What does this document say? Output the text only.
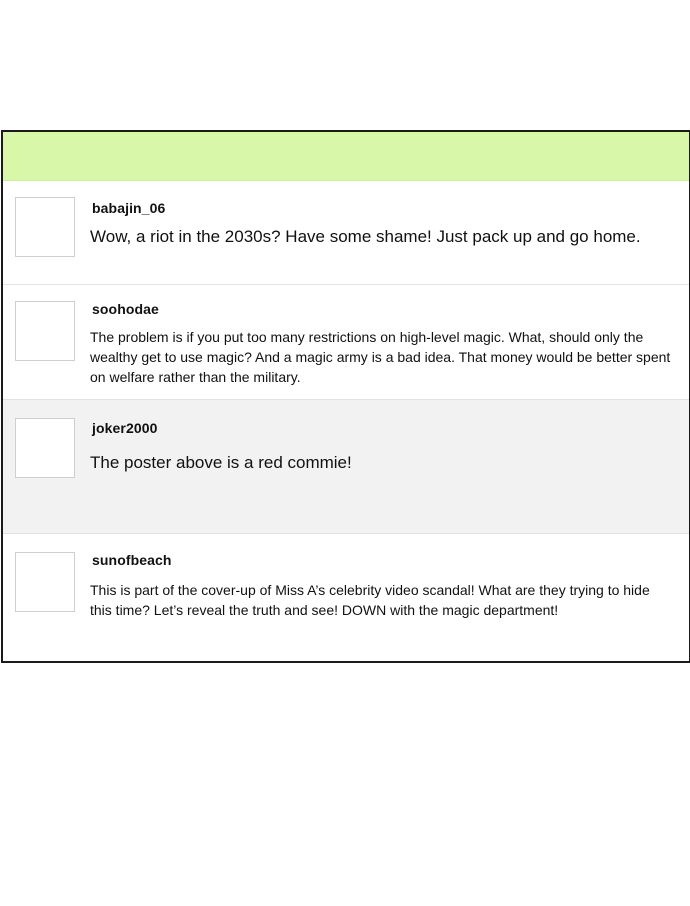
babajin_06
Wow, a riot in the 2030s? Have some shame! Just pack up and go home.
soohodae
The problem is if you put too many restrictions on high-level magic. What, should only the wealthy get to use magic? And a magic army is a bad idea. That money would be better spent on welfare rather than the military.
joker2000
The poster above is a red commie!
sunofbeach
This is part of the cover-up of Miss A’s celebrity video scandal! What are they trying to hide this time? Let’s reveal the truth and see! DOWN with the magic department!
